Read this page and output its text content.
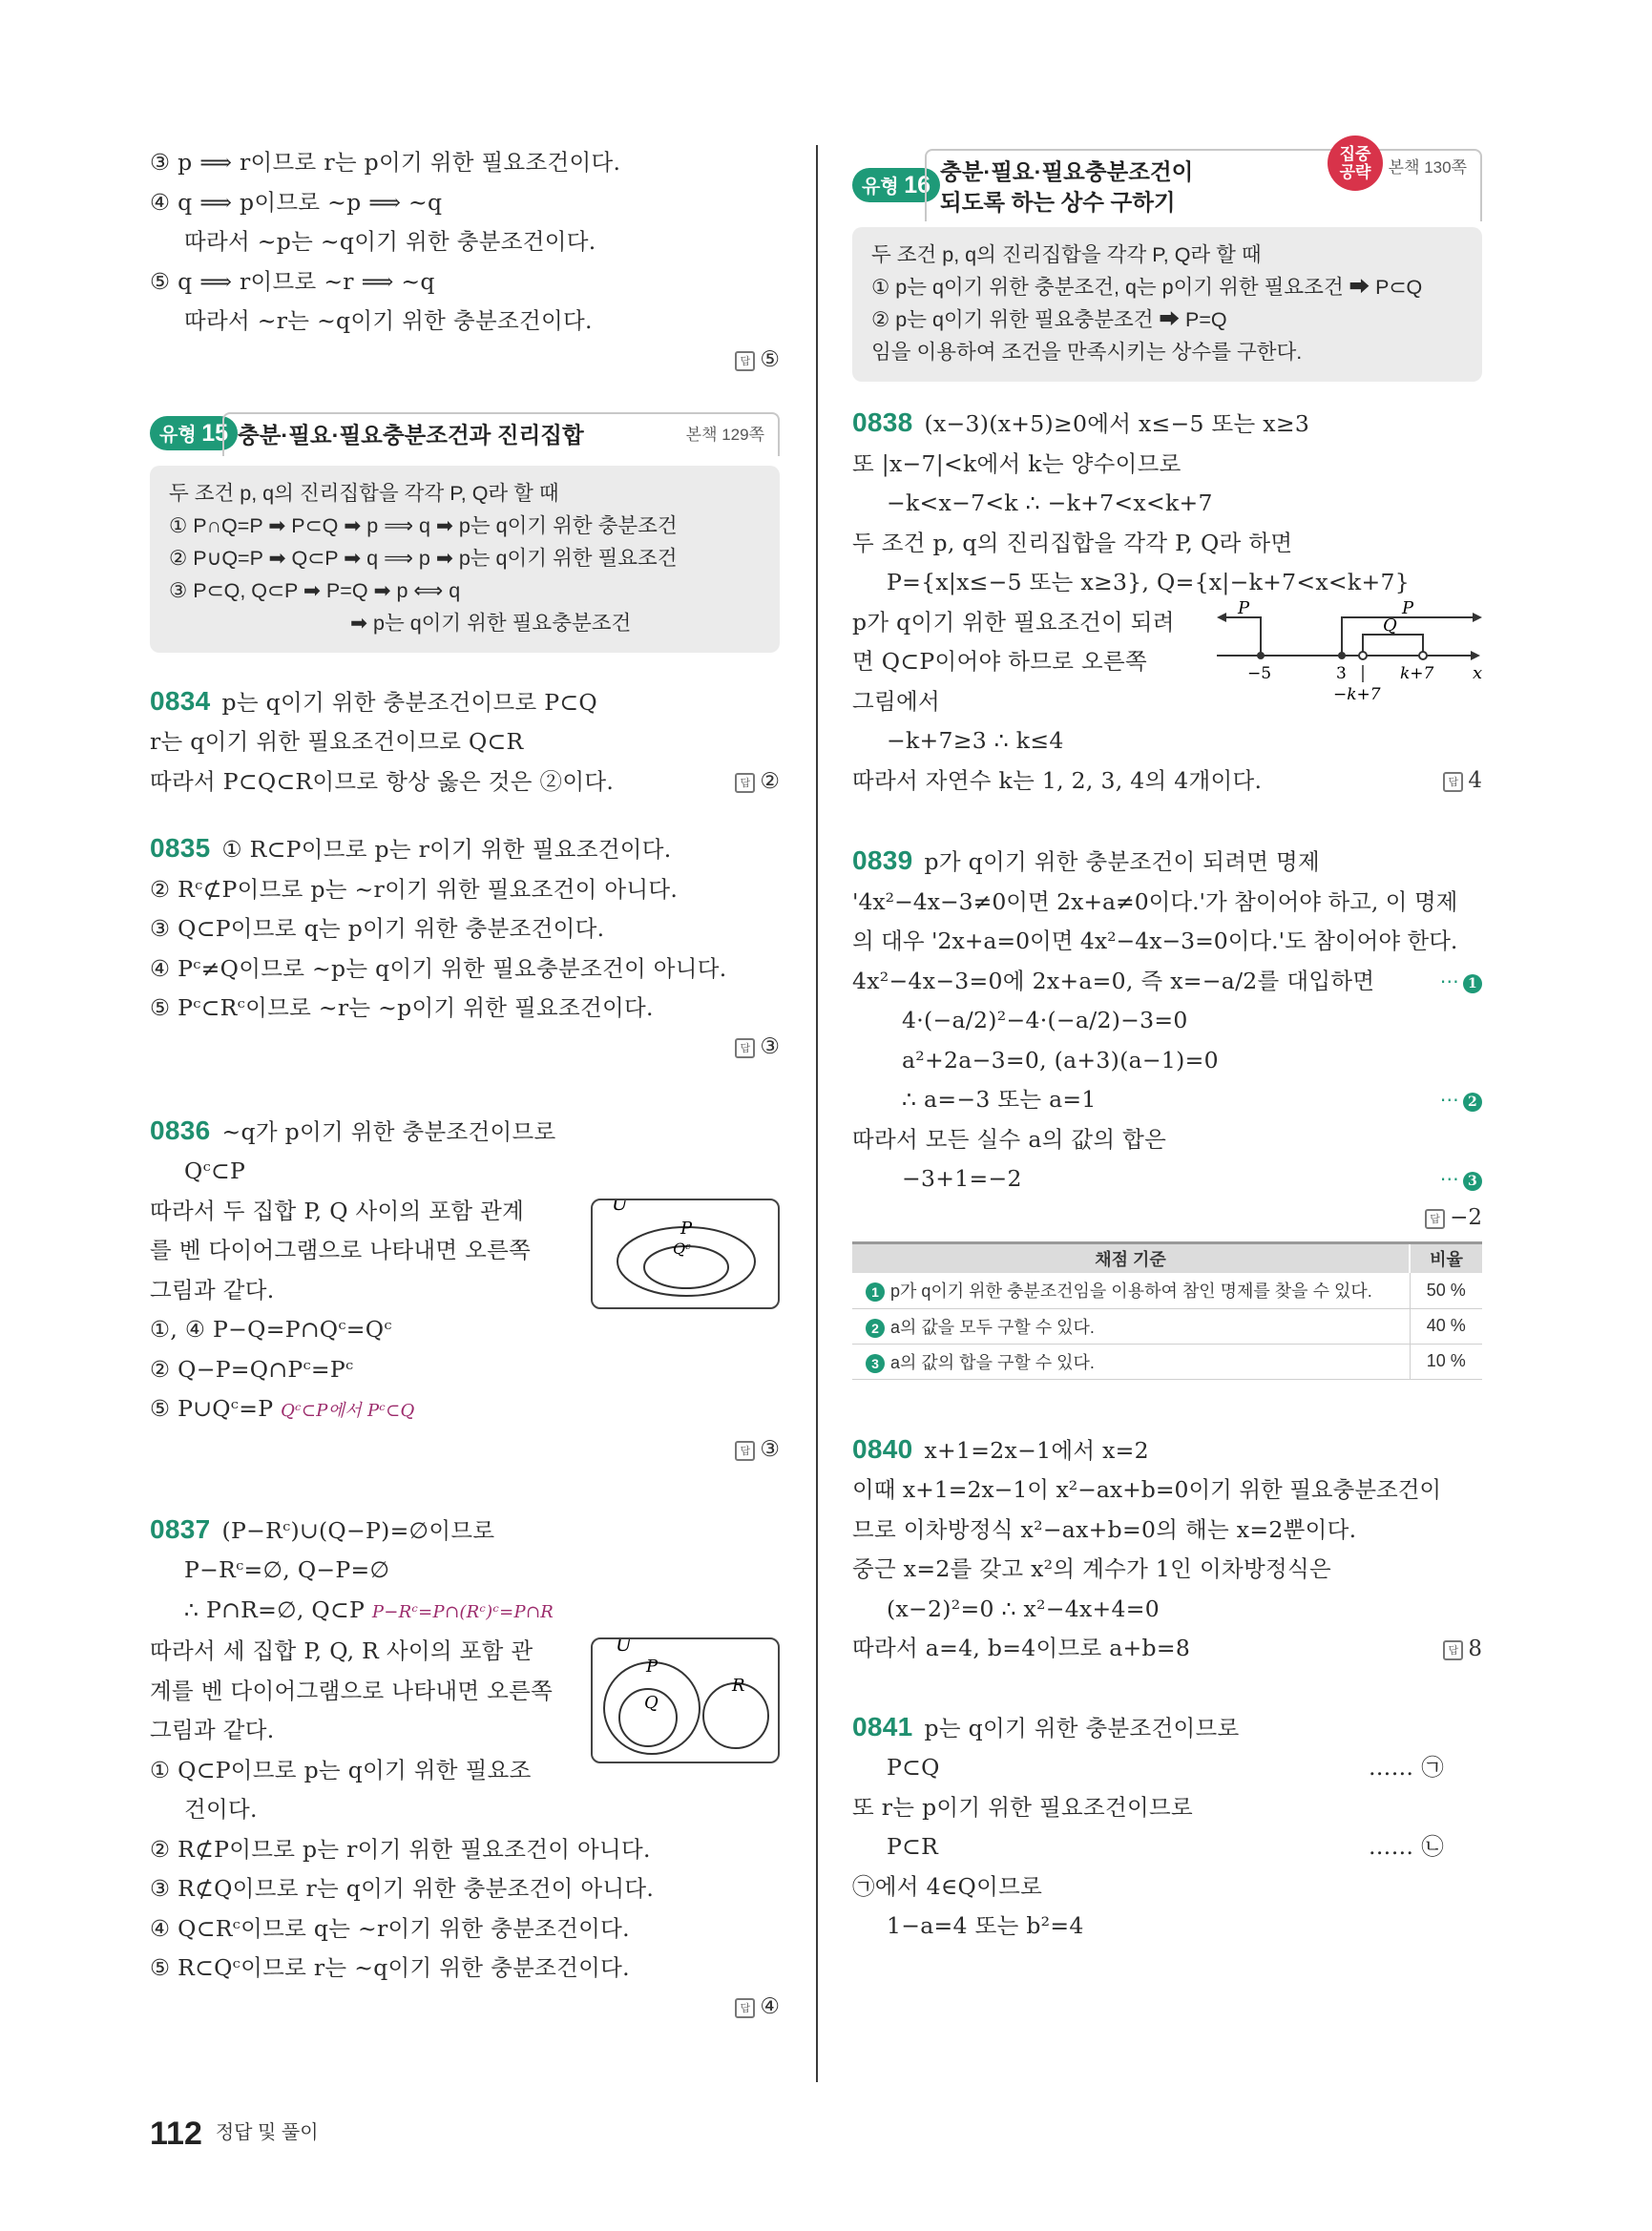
③ p ⟹ r이므로 r는 p이기 위한 필요조건이다.
④ q ⟹ p이므로 ~p ⟹ ~q
따라서 ~p는 ~q이기 위한 충분조건이다.
⑤ q ⟹ r이므로 ~r ⟹ ~q
따라서 ~r는 ~q이기 위한 충분조건이다.
답 ⑤
유형 15 충분·필요·필요충분조건과 진리집합	본책 129쪽
두 조건 p, q의 진리집합을 각각 P, Q라 할 때
① P∩Q=P ➡ P⊂Q ➡ p ⟹ q ➡ p는 q이기 위한 충분조건
② P∪Q=P ➡ Q⊂P ➡ q ⟹ p ➡ p는 q이기 위한 필요조건
③ P⊂Q, Q⊂P ➡ P=Q ➡ p ⟺ q
➡ p는 q이기 위한 필요충분조건
0834 p는 q이기 위한 충분조건이므로 P⊂Q
r는 q이기 위한 필요조건이므로 Q⊂R
따라서 P⊂Q⊂R이므로 항상 옳은 것은 ②이다.	답 ②
0835 ① R⊂P이므로 p는 r이기 위한 필요조건이다.
② Rᶜ⊄P이므로 p는 ~r이기 위한 필요조건이 아니다.
③ Q⊂P이므로 q는 p이기 위한 충분조건이다.
④ Pᶜ≠Q이므로 ~p는 q이기 위한 필요충분조건이 아니다.
⑤ Pᶜ⊂Rᶜ이므로 ~r는 ~p이기 위한 필요조건이다.
답 ③
0836 ~q가 p이기 위한 충분조건이므로
Qᶜ⊂P
따라서 두 집합 P, Q 사이의 포함 관계
를 벤 다이어그램으로 나타내면 오른쪽
그림과 같다.
①, ④ P−Q=P∩Qᶜ=Qᶜ
② Q−P=Q∩Pᶜ=Pᶜ
⑤ P∪Qᶜ=P Qᶜ⊂P에서 Pᶜ⊂Q
U
P
Qᶜ
답 ③
0837 (P−Rᶜ)∪(Q−P)=∅이므로
P−Rᶜ=∅, Q−P=∅
∴ P∩R=∅, Q⊂P P−Rᶜ=P∩(Rᶜ)ᶜ=P∩R
따라서 세 집합 P, Q, R 사이의 포함 관
계를 벤 다이어그램으로 나타내면 오른쪽
그림과 같다.
① Q⊂P이므로 p는 q이기 위한 필요조
건이다.
② R⊄P이므로 p는 r이기 위한 필요조건이 아니다.
③ R⊄Q이므로 r는 q이기 위한 충분조건이 아니다.
④ Q⊂Rᶜ이므로 q는 ~r이기 위한 충분조건이다.
⑤ R⊂Qᶜ이므로 r는 ~q이기 위한 충분조건이다.
U
P
Q
R
답 ④
유형 16 충분·필요·필요충분조건이
되도록 하는 상수 구하기
본책 130쪽
집중
공략
두 조건 p, q의 진리집합을 각각 P, Q라 할 때
① p는 q이기 위한 충분조건, q는 p이기 위한 필요조건 ➡ P⊂Q
② p는 q이기 위한 필요충분조건 ➡ P=Q
임을 이용하여 조건을 만족시키는 상수를 구한다.
0838 (x−3)(x+5)≥0에서 x≤−5 또는 x≥3
또 |x−7|<k에서 k는 양수이므로
−k<x−7<k ∴ −k+7<x<k+7
두 조건 p, q의 진리집합을 각각 P, Q라 하면
P={x|x≤−5 또는 x≥3}, Q={x|−k+7<x<k+7}
p가 q이기 위한 필요조건이 되려
면 Q⊂P이어야 하므로 오른쪽
그림에서
−k+7≥3 ∴ k≤4
따라서 자연수 k는 1, 2, 3, 4의 4개이다.
x
P	P
Q
−5	3	k+7
−k+7
답 4
0839 p가 q이기 위한 충분조건이 되려면 명제
'4x²−4x−3≠0이면 2x+a≠0이다.'가 참이어야 하고, 이 명제
의 대우 '2x+a=0이면 4x²−4x−3=0이다.'도 참이어야 한다.
⋯ 1
4x²−4x−3=0에 2x+a=0, 즉 x=−a/2를 대입하면
4·(−a/2)²−4·(−a/2)−3=0
a²+2a−3=0, (a+3)(a−1)=0
∴ a=−3 또는 a=1	⋯ 2
따라서 모든 실수 a의 값의 합은
−3+1=−2	⋯ 3
답 −2
채점 기준	비율
1 p가 q이기 위한 충분조건임을 이용하여 참인 명제를 찾을 수 있다.	50 %
2 a의 값을 모두 구할 수 있다.	40 %
3 a의 값의 합을 구할 수 있다.	10 %
0840 x+1=2x−1에서 x=2
이때 x+1=2x−1이 x²−ax+b=0이기 위한 필요충분조건이
므로 이차방정식 x²−ax+b=0의 해는 x=2뿐이다.
중근 x=2를 갖고 x²의 계수가 1인 이차방정식은
(x−2)²=0 ∴ x²−4x+4=0
따라서 a=4, b=4이므로 a+b=8	답 8
0841 p는 q이기 위한 충분조건이므로
P⊂Q	…… ㉠
또 r는 p이기 위한 필요조건이므로
P⊂R	…… ㉡
㉠에서 4∈Q이므로
1−a=4 또는 b²=4
112 정답 및 풀이
